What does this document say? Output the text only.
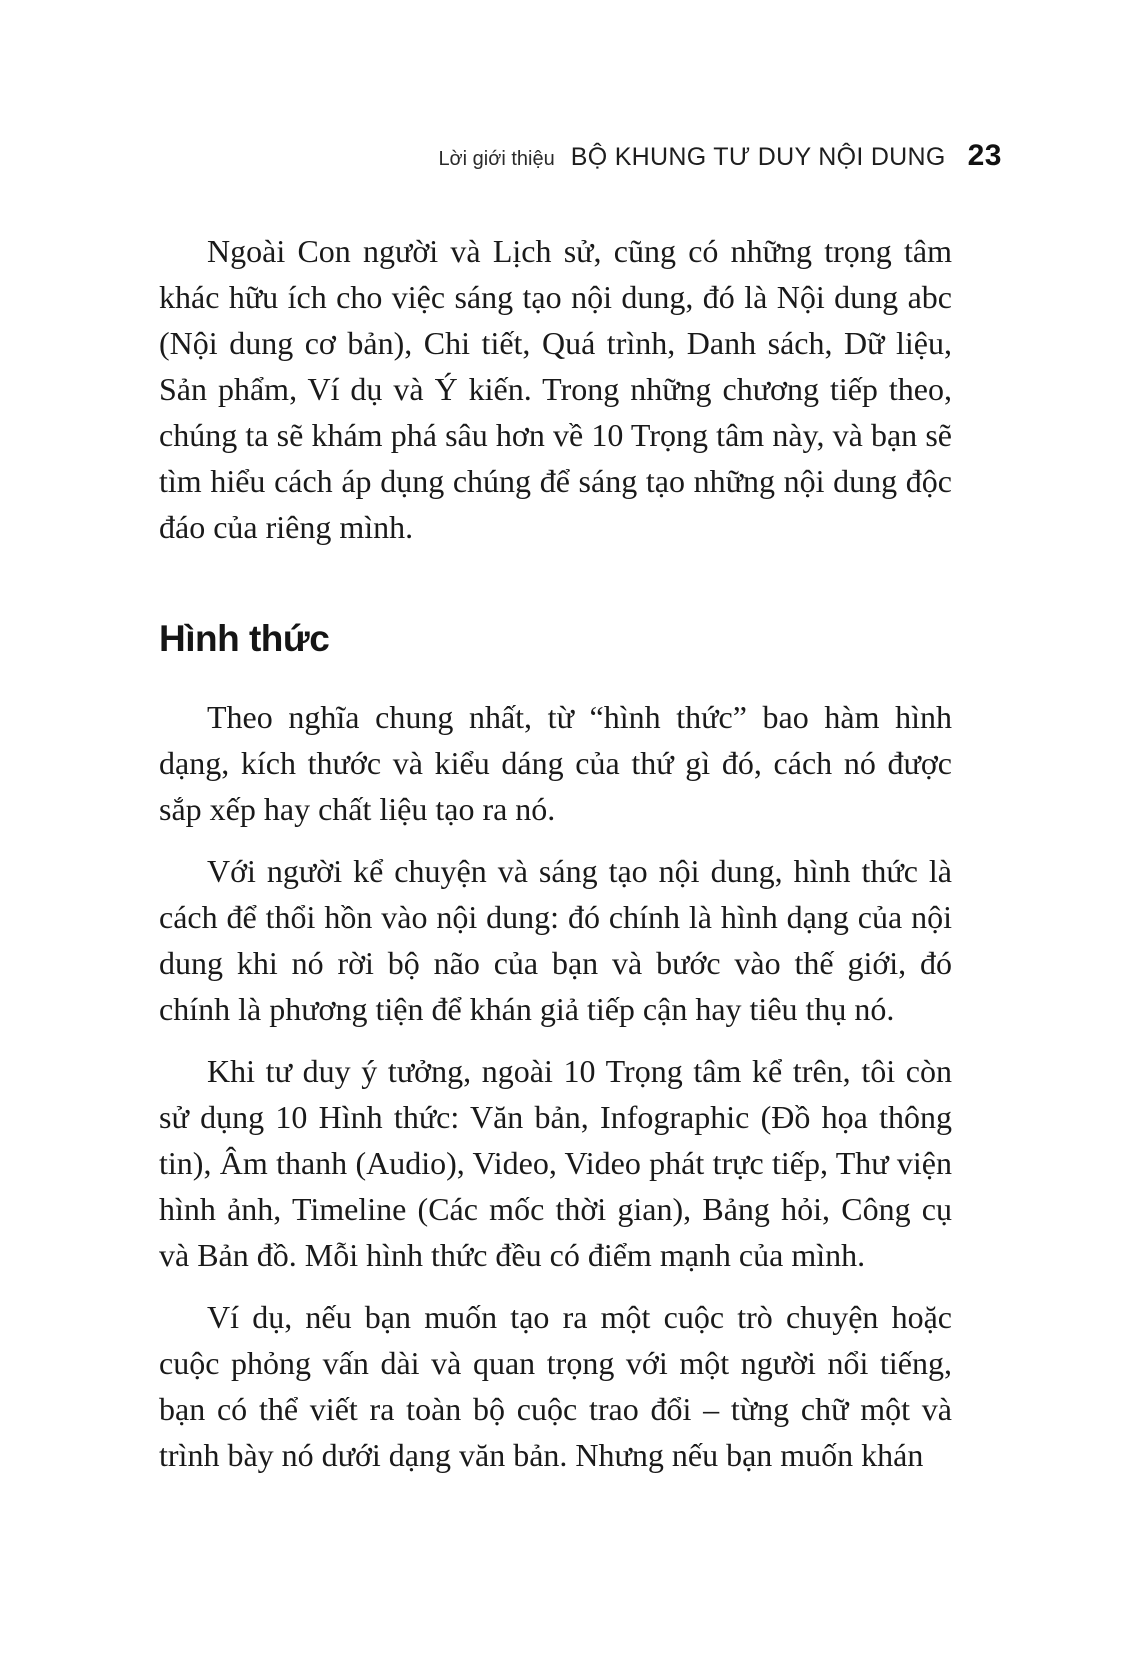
Lời giới thiệu BỘ KHUNG TƯ DUY NỘI DUNG 23

Ngoài Con người và Lịch sử, cũng có những trọng tâm khác hữu ích cho việc sáng tạo nội dung, đó là Nội dung abc (Nội dung cơ bản), Chi tiết, Quá trình, Danh sách, Dữ liệu, Sản phẩm, Ví dụ và Ý kiến. Trong những chương tiếp theo, chúng ta sẽ khám phá sâu hơn về 10 Trọng tâm này, và bạn sẽ tìm hiểu cách áp dụng chúng để sáng tạo những nội dung độc đáo của riêng mình.

Hình thức

Theo nghĩa chung nhất, từ “hình thức” bao hàm hình dạng, kích thước và kiểu dáng của thứ gì đó, cách nó được sắp xếp hay chất liệu tạo ra nó.

Với người kể chuyện và sáng tạo nội dung, hình thức là cách để thổi hồn vào nội dung: đó chính là hình dạng của nội dung khi nó rời bộ não của bạn và bước vào thế giới, đó chính là phương tiện để khán giả tiếp cận hay tiêu thụ nó.

Khi tư duy ý tưởng, ngoài 10 Trọng tâm kể trên, tôi còn sử dụng 10 Hình thức: Văn bản, Infographic (Đồ họa thông tin), Âm thanh (Audio), Video, Video phát trực tiếp, Thư viện hình ảnh, Timeline (Các mốc thời gian), Bảng hỏi, Công cụ và Bản đồ. Mỗi hình thức đều có điểm mạnh của mình.

Ví dụ, nếu bạn muốn tạo ra một cuộc trò chuyện hoặc cuộc phỏng vấn dài và quan trọng với một người nổi tiếng, bạn có thể viết ra toàn bộ cuộc trao đổi – từng chữ một và trình bày nó dưới dạng văn bản. Nhưng nếu bạn muốn khán
